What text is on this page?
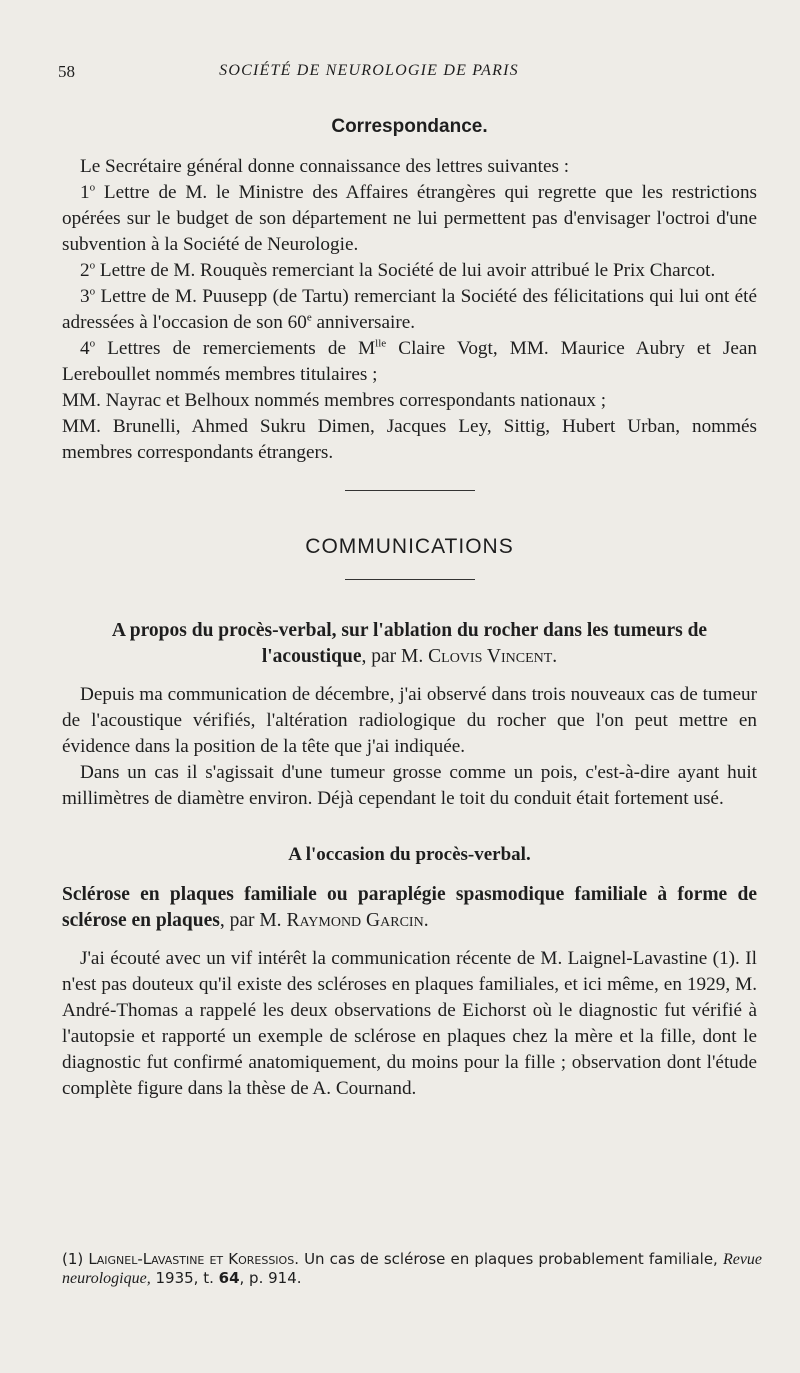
58	SOCIÉTÉ DE NEUROLOGIE DE PARIS
Correspondance.

Le Secrétaire général donne connaissance des lettres suivantes :

1$^o$ Lettre de M. le Ministre des Affaires étrangères qui regrette que les restrictions opérées sur le budget de son département ne lui permettent pas d'envisager l'octroi d'une subvention à la Société de Neurologie.

2$^o$ Lettre de M. Rouquès remerciant la Société de lui avoir attribué le Prix Charcot.

3$^o$ Lettre de M. Puusepp (de Tartu) remerciant la Société des félicitations qui lui ont été adressées à l'occasion de son 60e anniversaire.

4$^o$ Lettres de remerciements de $M^{lle}$ Claire Vogt, MM. Maurice Aubry et Jean Lereboullet nommés membres titulaires ;

MM. Nayrac et Belhoux nommés membres correspondants nationaux ;

MM. Brunelli, Ahmed Sukru Dimen, Jacques Ley, Sittig, Hubert Urban, nommés membres correspondants étrangers.

COMMUNICATIONS
A propos du procès-verbal, sur l'ablation du rocher dans les tumeurs de l'acoustique, par M. Clovis Vincent.

Depuis ma communication de décembre, j'ai observé dans trois nouveaux cas de tumeur de l'acoustique vérifiés, l'altération radiologique du rocher que l'on peut mettre en évidence dans la position de la tête que j'ai indiquée.

Dans un cas il s'agissait d'une tumeur grosse comme un pois, c'est-à-dire ayant huit millimètres de diamètre environ. Déjà cependant le toit du conduit était fortement usé.

A l'occasion du procès-verbal.
Sclérose en plaques familiale ou paraplégie spasmodique familiale à forme de sclérose en plaques, par M. Raymond Garcin.

J'ai écouté avec un vif intérêt la communication récente de M. Laignel-Lavastine (1). Il n'est pas douteux qu'il existe des scléroses en plaques familiales, et ici même, en 1929, M. André-Thomas a rappelé les deux observations de Eichorst où le diagnostic fut vérifié à l'autopsie et rapporté un exemple de sclérose en plaques chez la mère et la fille, dont le diagnostic fut confirmé anatomiquement, du moins pour la fille ; observation dont l'étude complète figure dans la thèse de A. Cournand.

(1) Laignel-Lavastine et Koressios. Un cas de sclérose en plaques probablement familiale, Revue neurologique, 1935, t. 64, p. 914.
